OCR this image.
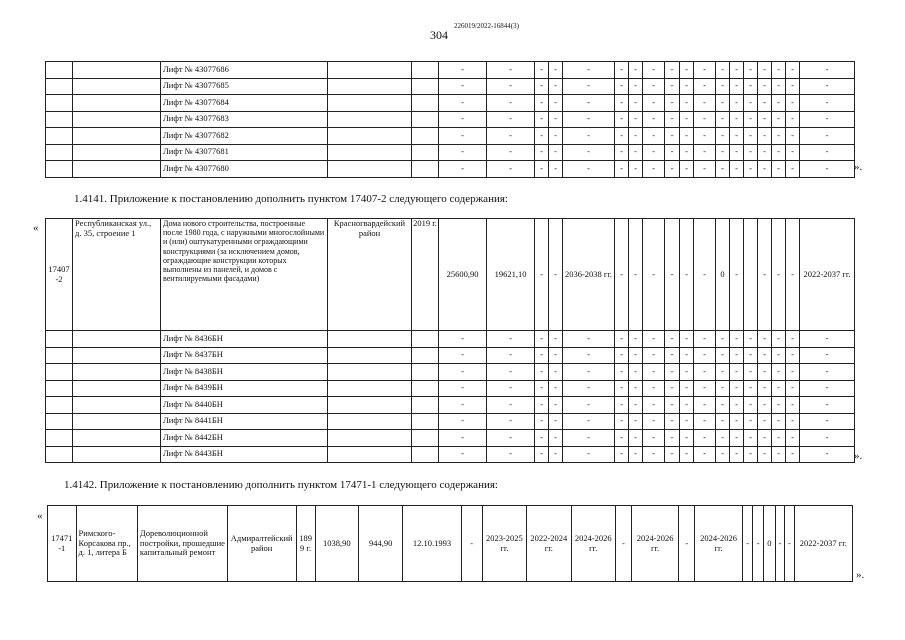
304
226019/2022-16844(3)
		Лифт № 43077686			-	-	-	-	-	-	-	-	-	-	-	-	-	-	-	-	-	-
		Лифт № 43077685			-	-	-	-	-	-	-	-	-	-	-	-	-	-	-	-	-	-
		Лифт № 43077684			-	-	-	-	-	-	-	-	-	-	-	-	-	-	-	-	-	-
		Лифт № 43077683			-	-	-	-	-	-	-	-	-	-	-	-	-	-	-	-	-	-
		Лифт № 43077682			-	-	-	-	-	-	-	-	-	-	-	-	-	-	-	-	-	-
		Лифт № 43077681			-	-	-	-	-	-	-	-	-	-	-	-	-	-	-	-	-	-
		Лифт № 43077680			-	-	-	-	-	-	-	-	-	-	-	-	-	-	-	-	-	- ».
1.4141. Приложение к постановлению дополнить пунктом 17407-2 следующего содержания:
«
17407 -2	Республиканская ул., д. 35, строение 1	Дома нового строительства, построенные после 1980 года, с наружными многослойными и (или) оштукатуренными ограждающими конструкциями (за исключением домов, ограждающие конструкции которых выполнены из панелей, и домов с вентилируемыми фасадами)	Красногвардейский район	2019 г.	25600,90	19621,10	-	-	2036-2038 гг.	-	-	-	-	-	-	0	-		-	-	-	2022-2037 гг.
		Лифт № 8436БН			-	-	-	-	-	-	-	-	-	-	-	-	-	-	-	-	-	-
		Лифт № 8437БН			-	-	-	-	-	-	-	-	-	-	-	-	-	-	-	-	-	-
		Лифт № 8438БН			-	-	-	-	-	-	-	-	-	-	-	-	-	-	-	-	-	-
		Лифт № 8439БН			-	-	-	-	-	-	-	-	-	-	-	-	-	-	-	-	-	-
		Лифт № 8440БН			-	-	-	-	-	-	-	-	-	-	-	-	-	-	-	-	-	-
		Лифт № 8441БН			-	-	-	-	-	-	-	-	-	-	-	-	-	-	-	-	-	-
		Лифт № 8442БН			-	-	-	-	-	-	-	-	-	-	-	-	-	-	-	-	-	-
		Лифт № 8443БН			-	-	-	-	-	-	-	-	-	-	-	-	-	-	-	-	-	- ».
1.4142. Приложение к постановлению дополнить пунктом 17471-1 следующего содержания:
«
17471 -1	Римского-Корсакова пр., д. 1, литера Б	Дореволюционной постройки, прошедшие капитальный ремонт	Адмиралтейский район	1899 г.	1038,90	944,90	12.10.1993	-	2023-2025 гг.	2022-2024 гг.	2024-2026 гг.	-	2024-2026 гг.	-	2024-2026 гг.	-	-	0	-	-	2022-2037 гг.
».
